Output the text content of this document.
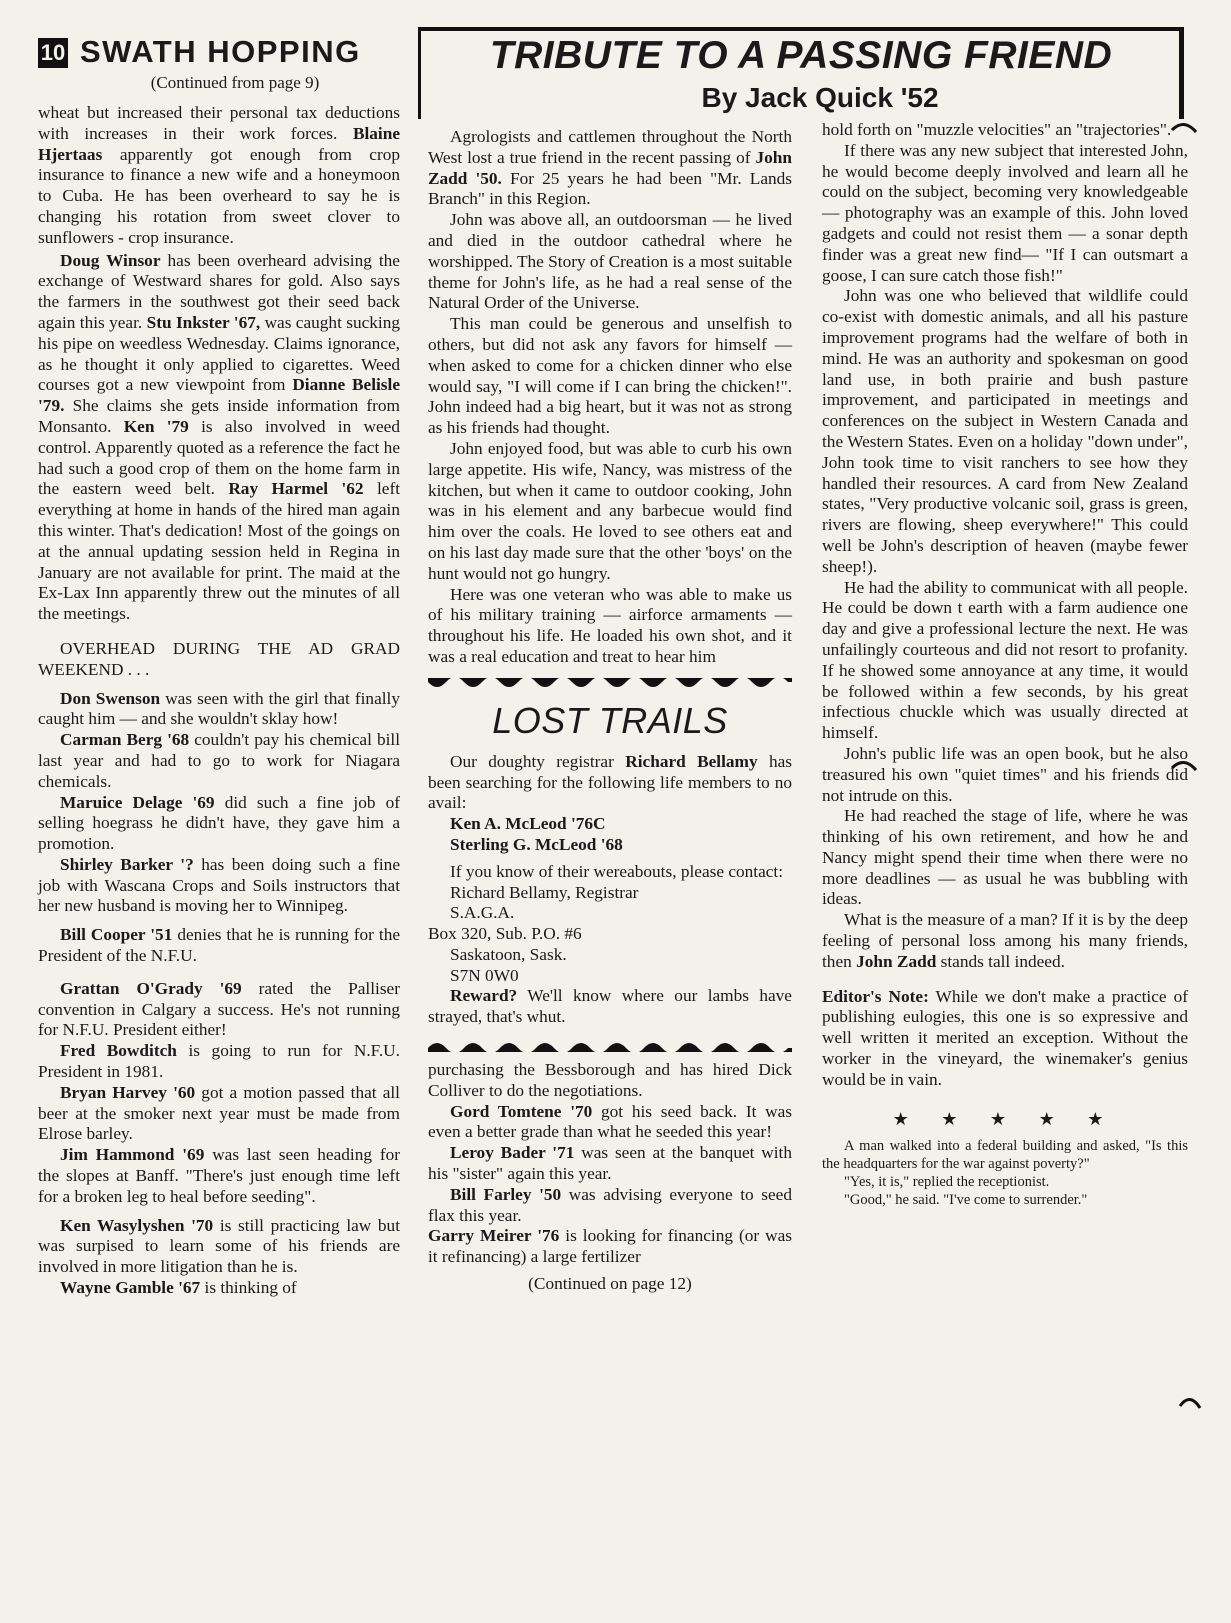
10 SWATH HOPPING
(Continued from page 9)
TRIBUTE TO A PASSING FRIEND
By Jack Quick '52

wheat but increased their personal tax deductions with increases in their work forces. Blaine Hjertaas apparently got enough from crop insurance to finance a new wife and a honeymoon to Cuba. He has been overheard to say he is changing his rotation from sweet clover to sunflowers - crop insurance.

Doug Winsor has been overheard advising the exchange of Westward shares for gold. Also says the farmers in the southwest got their seed back again this year. Stu Inkster '67, was caught sucking his pipe on weedless Wednesday. Claims ignorance, as he thought it only applied to cigarettes. Weed courses got a new viewpoint from Dianne Belisle '79. She claims she gets inside information from Monsanto. Ken '79 is also involved in weed control. Apparently quoted as a reference the fact he had such a good crop of them on the home farm in the eastern weed belt. Ray Harmel '62 left everything at home in hands of the hired man again this winter. That's dedication! Most of the goings on at the annual updating session held in Regina in January are not available for print. The maid at the Ex-Lax Inn apparently threw out the minutes of all the meetings.

OVERHEAD DURING THE AD GRAD WEEKEND . . .

Don Swenson was seen with the girl that finally caught him — and she wouldn't sklay how!

Carman Berg '68 couldn't pay his chemical bill last year and had to go to work for Niagara chemicals.

Maruice Delage '69 did such a fine job of selling hoegrass he didn't have, they gave him a promotion.

Shirley Barker '? has been doing such a fine job with Wascana Crops and Soils instructors that her new husband is moving her to Winnipeg.

Bill Cooper '51 denies that he is running for the President of the N.F.U.

Grattan O'Grady '69 rated the Palliser convention in Calgary a success. He's not running for N.F.U. President either!

Fred Bowditch is going to run for N.F.U. President in 1981.

Bryan Harvey '60 got a motion passed that all beer at the smoker next year must be made from Elrose barley.

Jim Hammond '69 was last seen heading for the slopes at Banff. "There's just enough time left for a broken leg to heal before seeding".

Ken Wasylyshen '70 is still practicing law but was surpised to learn some of his friends are involved in more litigation than he is.

Wayne Gamble '67 is thinking of

Agrologists and cattlemen throughout the North West lost a true friend in the recent passing of John Zadd '50. For 25 years he had been "Mr. Lands Branch" in this Region.

John was above all, an outdoorsman — he lived and died in the outdoor cathedral where he worshipped. The Story of Creation is a most suitable theme for John's life, as he had a real sense of the Natural Order of the Universe.

This man could be generous and unselfish to others, but did not ask any favors for himself — when asked to come for a chicken dinner who else would say, "I will come if I can bring the chicken!". John indeed had a big heart, but it was not as strong as his friends had thought.

John enjoyed food, but was able to curb his own large appetite. His wife, Nancy, was mistress of the kitchen, but when it came to outdoor cooking, John was in his element and any barbecue would find him over the coals. He loved to see others eat and on his last day made sure that the other 'boys' on the hunt would not go hungry.

Here was one veteran who was able to make us of his military training — airforce armaments — throughout his life. He loaded his own shot, and it was a real education and treat to hear him

LOST TRAILS

Our doughty registrar Richard Bellamy has been searching for the following life members to no avail:

Ken A. McLeod '76C

Sterling G. McLeod '68

If you know of their wereabouts, please contact:

Richard Bellamy, Registrar

S.A.G.A.

Box 320, Sub. P.O. #6

Saskatoon, Sask.

S7N 0W0

Reward? We'll know where our lambs have strayed, that's whut.

purchasing the Bessborough and has hired Dick Colliver to do the negotiations.

Gord Tomtene '70 got his seed back. It was even a better grade than what he seeded this year!

Leroy Bader '71 was seen at the banquet with his "sister" again this year.

Bill Farley '50 was advising everyone to seed flax this year.

Garry Meirer '76 is looking for financing (or was it refinancing) a large fertilizer

(Continued on page 12)

hold forth on "muzzle velocities" an "trajectories".

If there was any new subject that interested John, he would become deeply involved and learn all he could on the subject, becoming very knowledgeable — photography was an example of this. John loved gadgets and could not resist them — a sonar depth finder was a great new find— "If I can outsmart a goose, I can sure catch those fish!"

John was one who believed that wildlife could co-exist with domestic animals, and all his pasture improvement programs had the welfare of both in mind. He was an authority and spokesman on good land use, in both prairie and bush pasture improvement, and participated in meetings and conferences on the subject in Western Canada and the Western States. Even on a holiday "down under", John took time to visit ranchers to see how they handled their resources. A card from New Zealand states, "Very productive volcanic soil, grass is green, rivers are flowing, sheep everywhere!" This could well be John's description of heaven (maybe fewer sheep!).

He had the ability to communicat with all people. He could be down t earth with a farm audience one day and give a professional lecture the next. He was unfailingly courteous and did not resort to profanity. If he showed some annoyance at any time, it would be followed within a few seconds, by his great infectious chuckle which was usually directed at himself.

John's public life was an open book, but he also treasured his own "quiet times" and his friends did not intrude on this.

He had reached the stage of life, where he was thinking of his own retirement, and how he and Nancy might spend their time when there were no more deadlines — as usual he was bubbling with ideas.

What is the measure of a man? If it is by the deep feeling of personal loss among his many friends, then John Zadd stands tall indeed.

Editor's Note: While we don't make a practice of publishing eulogies, this one is so expressive and well written it merited an exception. Without the worker in the vineyard, the winemaker's genius would be in vain.

★ ★ ★ ★ ★

A man walked into a federal building and asked, "Is this the headquarters for the war against poverty?"

"Yes, it is," replied the receptionist.

"Good," he said. "I've come to surrender."
